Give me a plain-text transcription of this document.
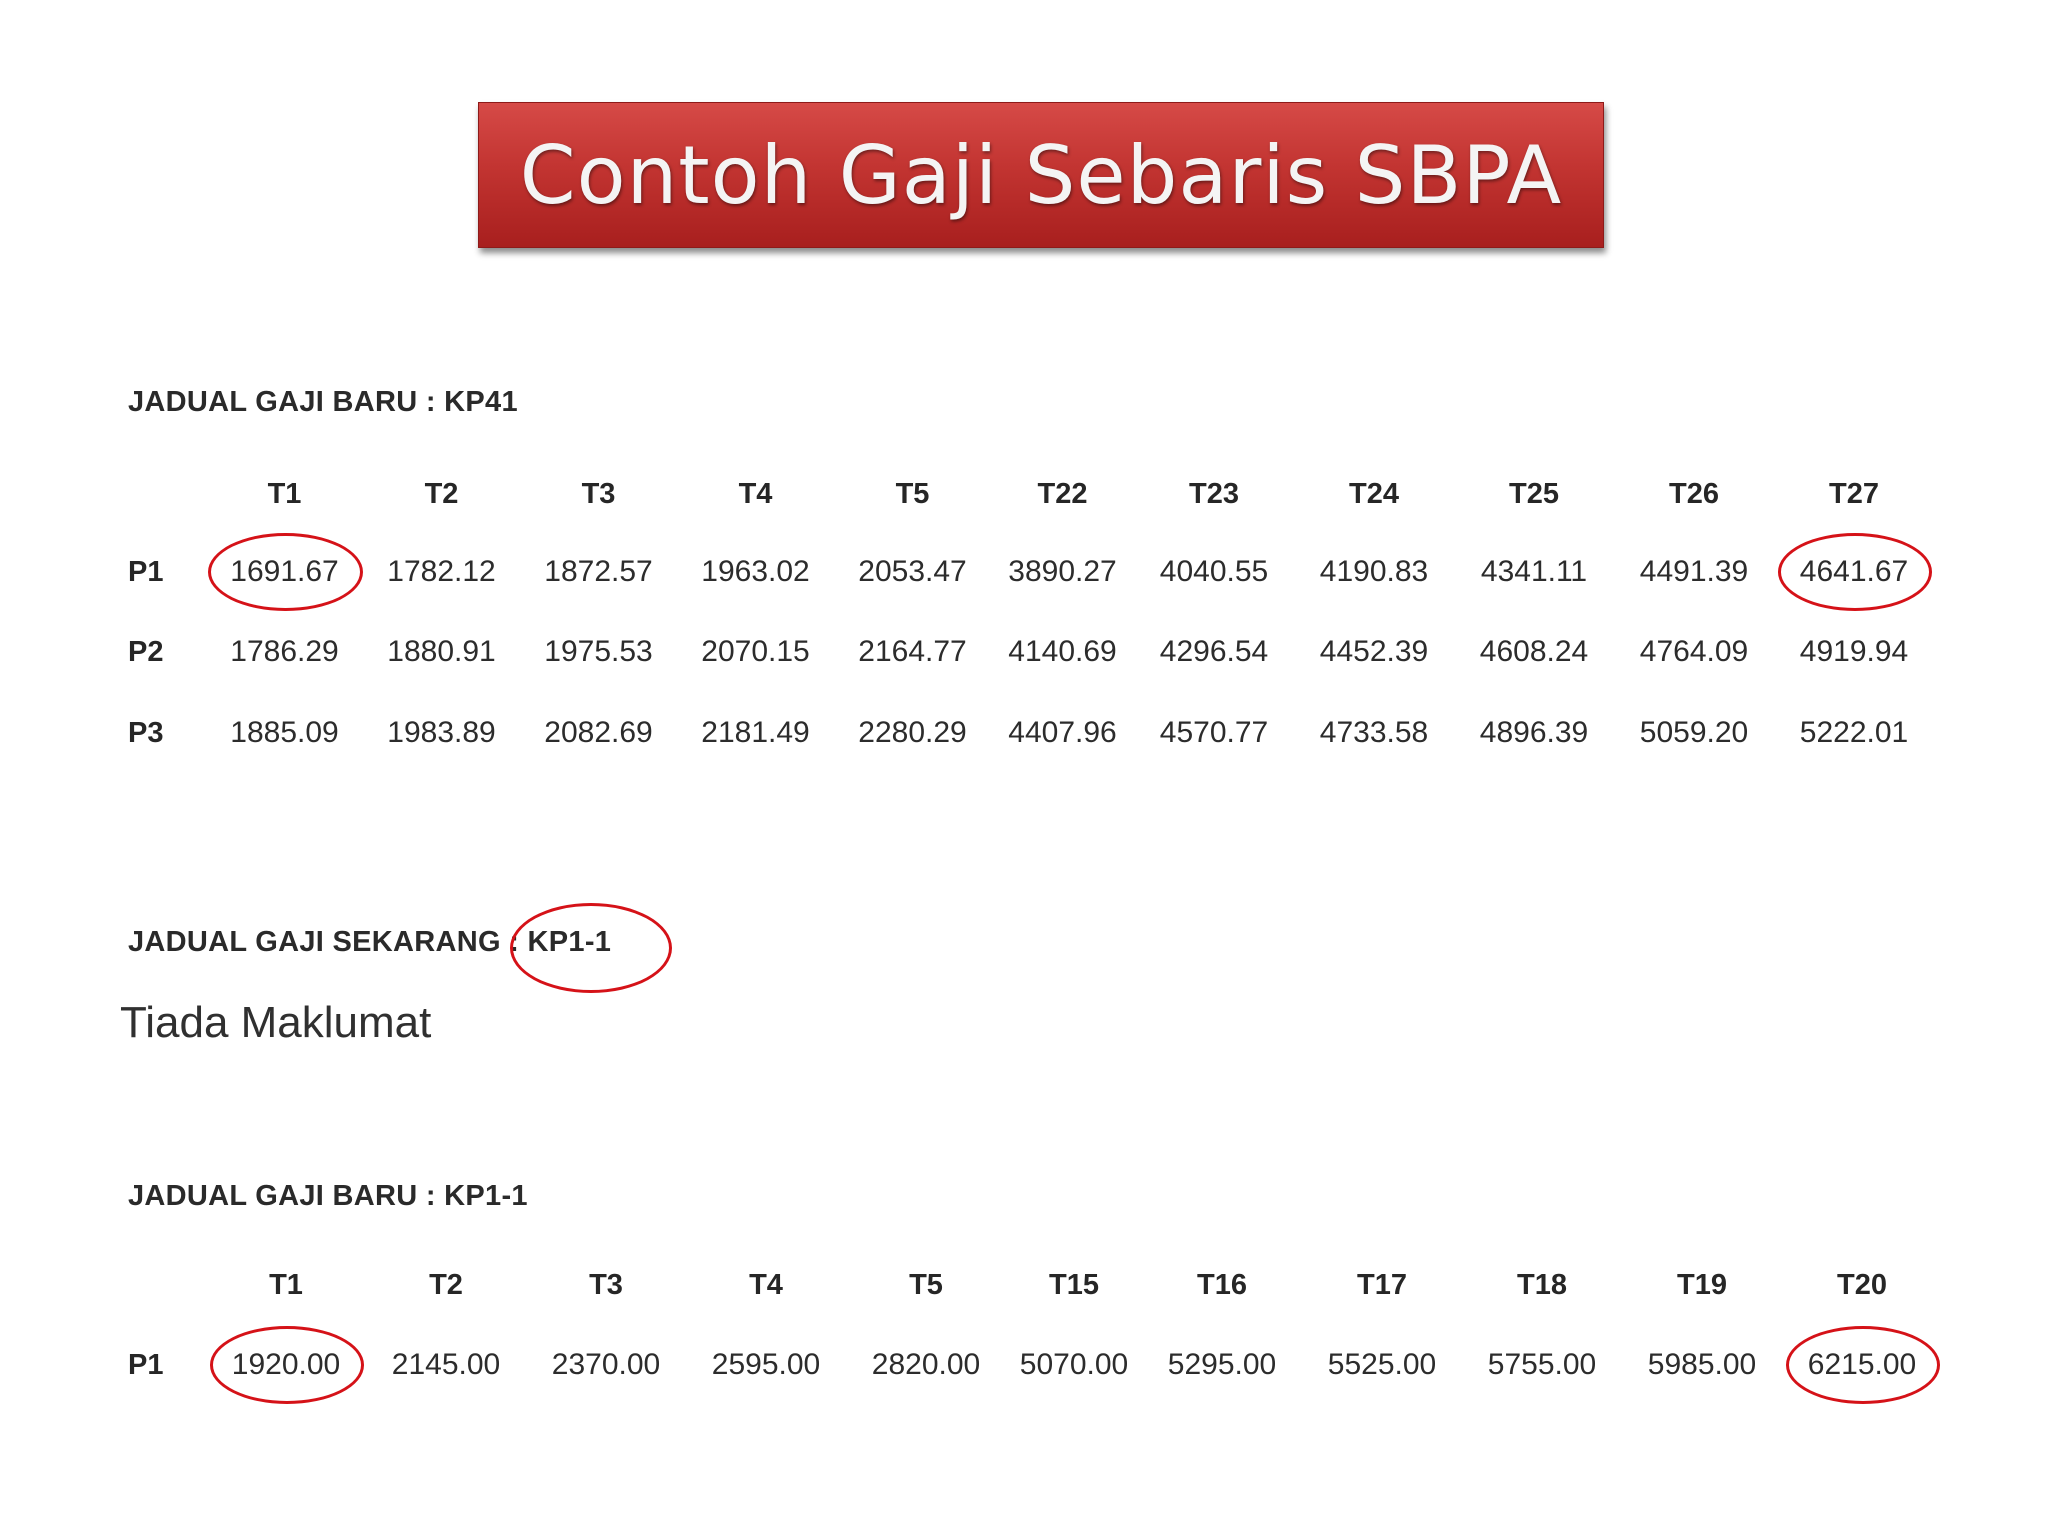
Contoh Gaji Sebaris SBPA
JADUAL GAJI BARU : KP41
	T1	T2	T3	T4	T5	T22	T23	T24	T25	T26	T27
P1	1691.67	1782.12	1872.57	1963.02	2053.47	3890.27	4040.55	4190.83	4341.11	4491.39	4641.67
P2	1786.29	1880.91	1975.53	2070.15	2164.77	4140.69	4296.54	4452.39	4608.24	4764.09	4919.94
P3	1885.09	1983.89	2082.69	2181.49	2280.29	4407.96	4570.77	4733.58	4896.39	5059.20	5222.01
JADUAL GAJI SEKARANG : KP1-1
Tiada Maklumat
JADUAL GAJI BARU : KP1-1
	T1	T2	T3	T4	T5	T15	T16	T17	T18	T19	T20
P1	1920.00	2145.00	2370.00	2595.00	2820.00	5070.00	5295.00	5525.00	5755.00	5985.00	6215.00
